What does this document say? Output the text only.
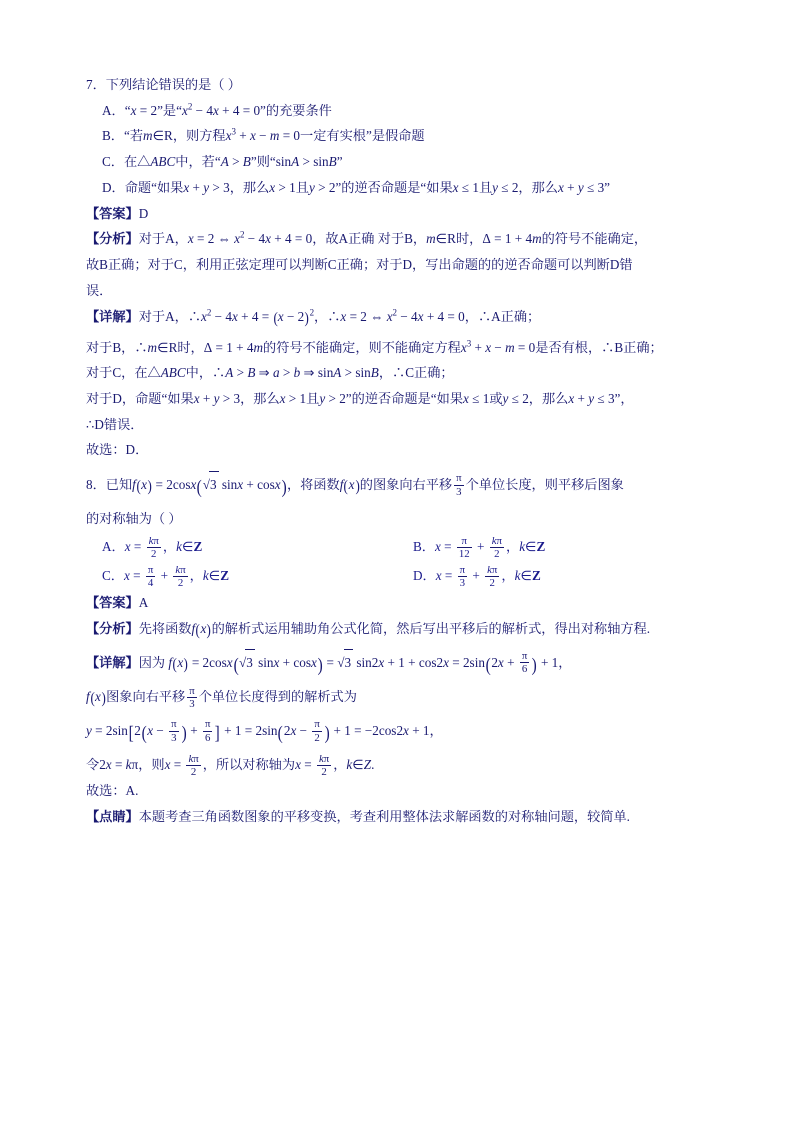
7．下列结论错误的是（ ）
A．“x = 2”是“$x^2 - 4x + 4 = 0$”的充要条件
B．“若m∈R，则方程$x^3 + x - m = 0$一定有实根”是假命题
C．在△ABC中，若“A > B”则“sinA > sinB”
D．命题“如果x + y > 3，那么x > 1且y > 2”的逆否命题是“如果x ≤ 1且y ≤ 2，那么x + y ≤ 3”
【答案】D
【分析】对于A，x = 2 ⇔ $x^2 - 4x + 4 = 0$，故A正确 对于B，m∈R时，Δ = 1 + 4m的符号不能确定，
故B正确；对于C，利用正弦定理可以判断C正确；对于D，写出命题的的逆否命题可以判断D错
误．
【详解】对于A，$\therefore x^2 - 4x + 4 = (x - 2)^2$，∴x = 2 ⇔ $x^2 - 4x + 4 = 0$，∴A正确；
对于B，∴m∈R时，Δ = 1 + 4m的符号不能确定，则不能确定方程$x^3 + x - m = 0$是否有根，∴B正确；
对于C，在△ABC中，∴A > B ⇒ a > b ⇒ sinA > sinB，∴C正确；
对于D，命题“如果x + y > 3，那么x > 1且y > 2”的逆否命题是“如果x ≤ 1或y ≤ 2，那么x + y ≤ 3”，
∴D错误．
故选：D．
8．已知f(x) = 2cosx(√3 sinx + cosx)，将函数f(x)的图象向右平移 $\frac{\pi}{3}$ 个单位长度，则平移后图象
的对称轴为（ ）
A．$x = \frac{k\pi}{2}$ ，k∈Z	B．$x = \frac{\pi}{12} + \frac{k\pi}{2}$ ，k∈Z
C．$x = \frac{\pi}{4} + \frac{k\pi}{2}$ ，k∈Z	D．$x = \frac{\pi}{3} + \frac{k\pi}{2}$ ，k∈Z
【答案】A
【分析】先将函数f(x)的解析式运用辅助角公式化简，然后写出平移后的解析式，得出对称轴方程.
【详解】因为 f(x) = 2cosx(√3 sinx + cosx) = √3 $\sin 2x + 1 + \cos 2x = 2\sin(2x + \frac{\pi}{6}$ ) + 1，
f(x)图象向右平移 $\frac{\pi}{3}$ 个单位长度得到的解析式为
$y = 2\sin[2(x - \frac{\pi}{3}$ ) + $\frac{\pi}{6}$ ] + $1 = 2\sin(2x - \frac{\pi}{2}$ ) + 1 = −2cos2x + 1，
令2x = kπ，则$x = \frac{k\pi}{2}$ ，所以对称轴为$x = \frac{k\pi}{2}$ ，k∈Z.
故选：A.
【点睛】本题考查三角函数图象的平移变换，考查利用整体法求解函数的对称轴问题，较简单.
